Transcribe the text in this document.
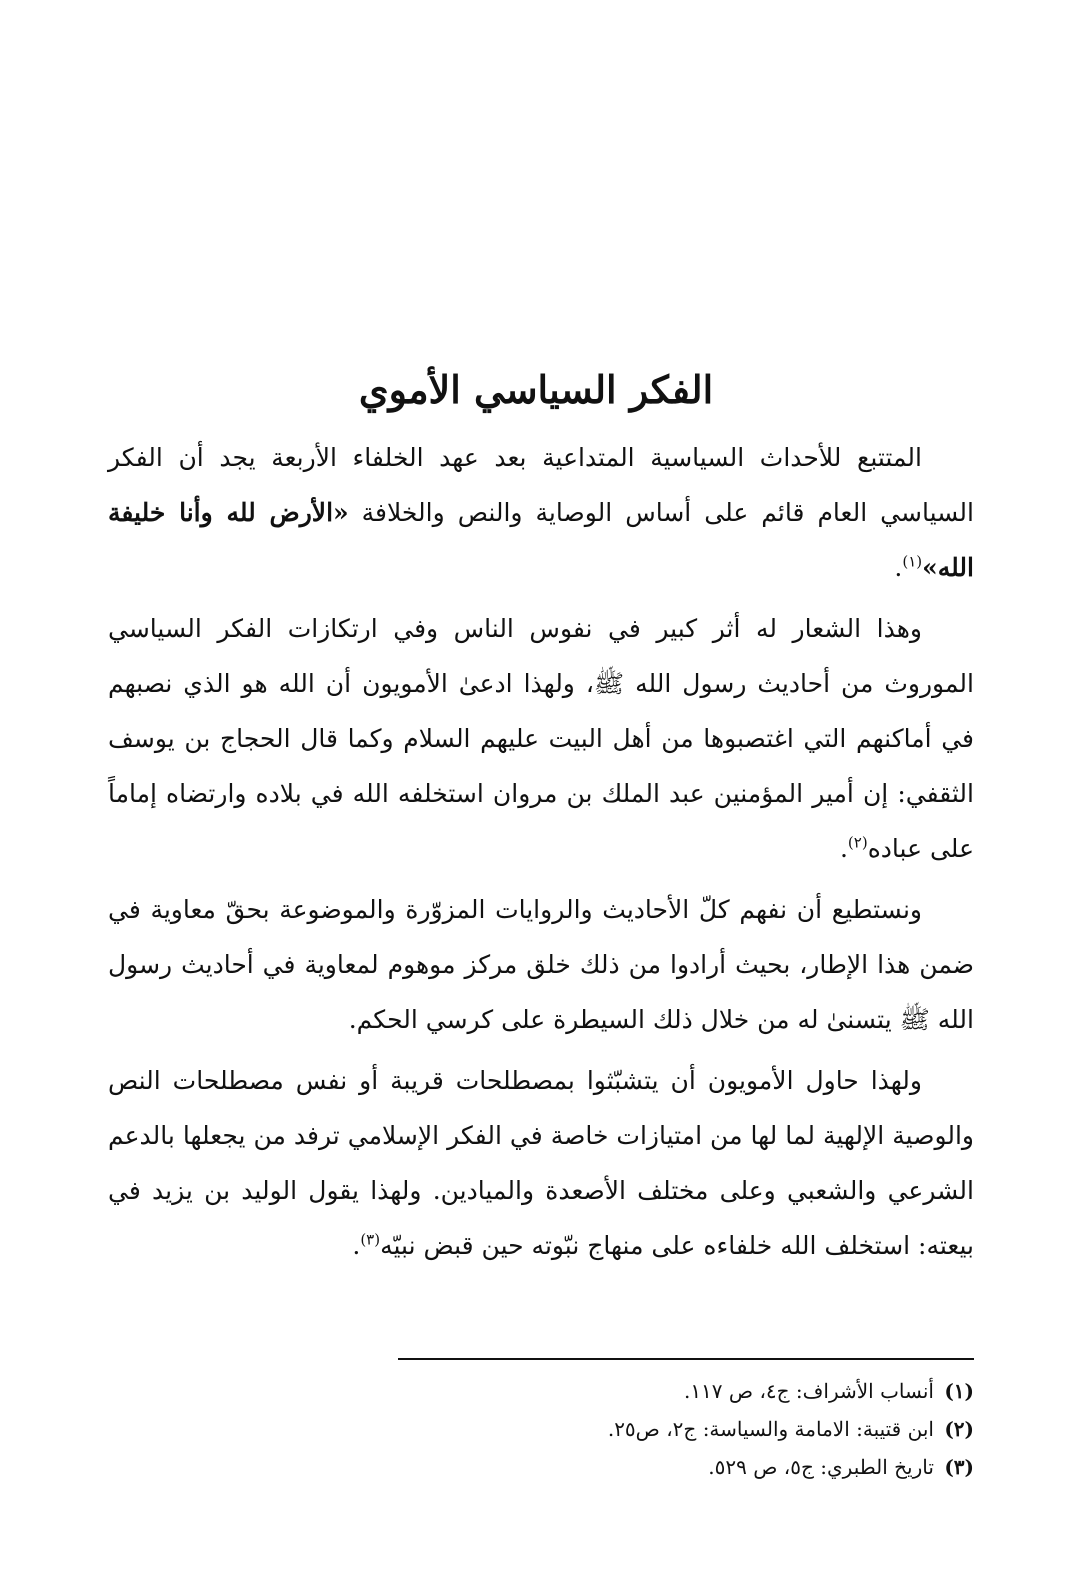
الفكر السياسي الأموي

المتتبع للأحداث السياسية المتداعية بعد عهد الخلفاء الأربعة يجد أن الفكر السياسي العام قائم على أساس الوصاية والنص والخلافة «الأرض لله وأنا خليفة الله»$^{(١)}$.

وهذا الشعار له أثر كبير في نفوس الناس وفي ارتكازات الفكر السياسي الموروث من أحاديث رسول الله ﷺ، ولهذا ادعىٰ الأمويون أن الله هو الذي نصبهم في أماكنهم التي اغتصبوها من أهل البيت عليهم السلام وكما قال الحجاج بن يوسف الثقفي: إن أمير المؤمنين عبد الملك بن مروان استخلفه الله في بلاده وارتضاه إماماً على عباده$^{(٢)}$.

ونستطيع أن نفهم كلّ الأحاديث والروايات المزوّرة والموضوعة بحقّ معاوية في ضمن هذا الإطار، بحيث أرادوا من ذلك خلق مركز موهوم لمعاوية في أحاديث رسول الله ﷺ يتسنىٰ له من خلال ذلك السيطرة على كرسي الحكم.

ولهذا حاول الأمويون أن يتشبّثوا بمصطلحات قريبة أو نفس مصطلحات النص والوصية الإلهية لما لها من امتيازات خاصة في الفكر الإسلامي ترفد من يجعلها بالدعم الشرعي والشعبي وعلى مختلف الأصعدة والميادين. ولهذا يقول الوليد بن يزيد في بيعته: استخلف الله خلفاءه على منهاج نبّوته حين قبض نبيّه$^{(٣)}$.

(١) أنساب الأشراف: ج٤، ص ١١٧.

(٢) ابن قتيبة: الامامة والسياسة: ج٢، ص٢٥.

(٣) تاريخ الطبري: ج٥، ص ٥٢٩.
